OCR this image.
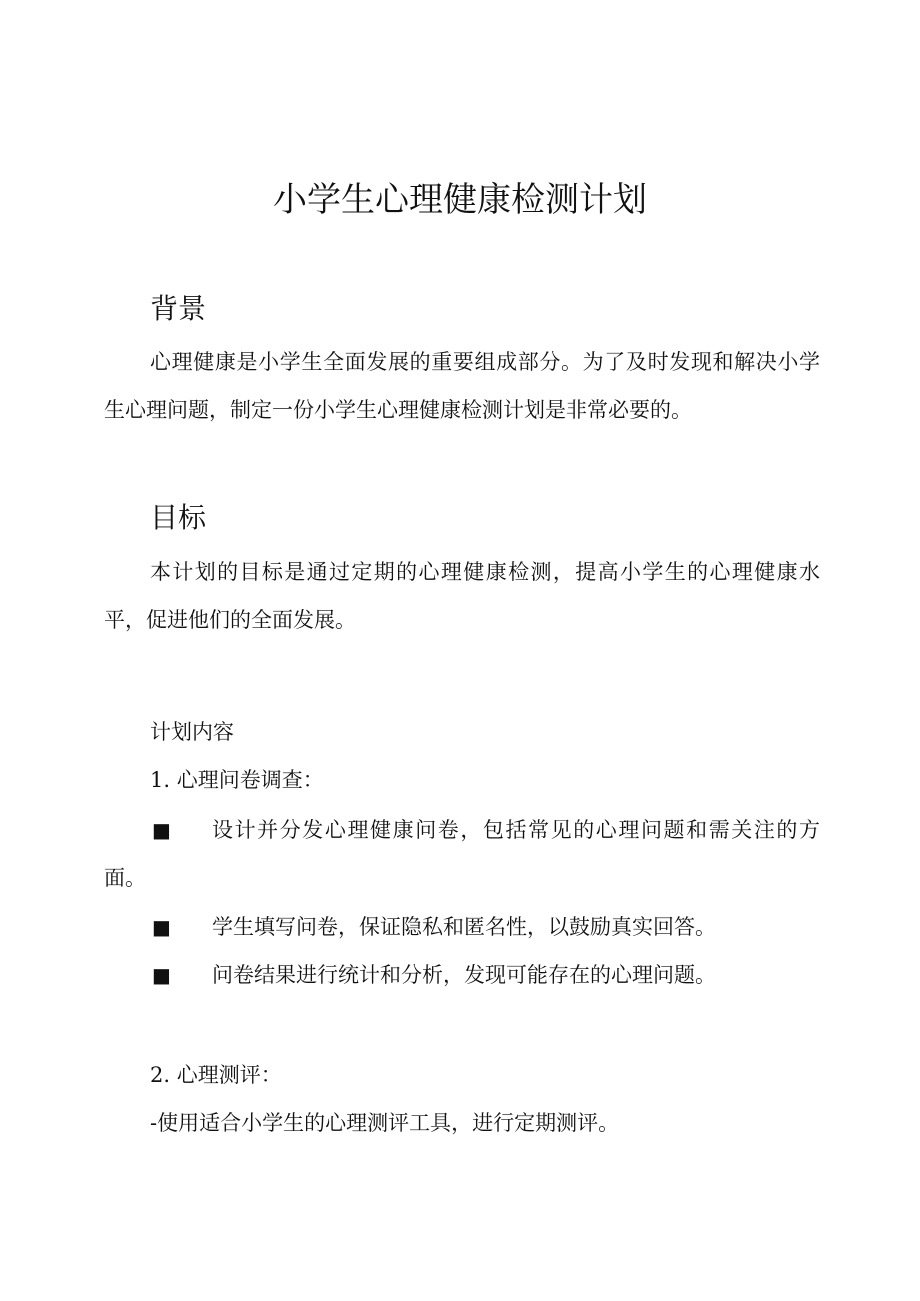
小学生心理健康检测计划
背景

心理健康是小学生全面发展的重要组成部分。为了及时发现和解决小学生心理问题，制定一份小学生心理健康检测计划是非常必要的。

目标

本计划的目标是通过定期的心理健康检测，提高小学生的心理健康水平，促进他们的全面发展。

计划内容
1. 心理问卷调查：
■	设计并分发心理健康问卷，包括常见的心理问题和需关注的方面。
■	学生填写问卷，保证隐私和匿名性，以鼓励真实回答。
■	问卷结果进行统计和分析，发现可能存在的心理问题。
2. 心理测评：
-使用适合小学生的心理测评工具，进行定期测评。
